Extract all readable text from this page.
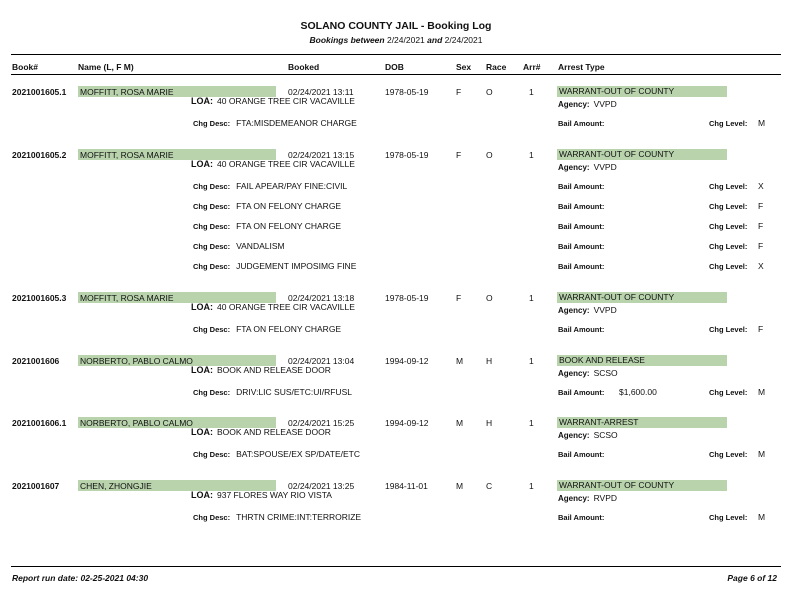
SOLANO COUNTY JAIL - Booking Log
Bookings between 2/24/2021 and 2/24/2021
Book#	Name (L, F M)	Booked	DOB	Sex Race Arr# Arrest Type
2021001605.1 MOFFITT, ROSA MARIE	02/24/2021 13:11	1978-05-19	F	O	1	WARRANT-OUT OF COUNTY
LOA: 40 ORANGE TREE CIR VACAVILLE	Agency: VVPD
Chg Desc: FTA:MISDEMEANOR CHARGE	Bail Amount:	Chg Level: M
2021001605.2 MOFFITT, ROSA MARIE	02/24/2021 13:15	1978-05-19	F	O	1	WARRANT-OUT OF COUNTY
LOA: 40 ORANGE TREE CIR VACAVILLE	Agency: VVPD
Chg Desc: FAIL APEAR/PAY FINE:CIVIL	Bail Amount:	Chg Level: X
Chg Desc: FTA ON FELONY CHARGE	Bail Amount:	Chg Level: F
Chg Desc: FTA ON FELONY CHARGE	Bail Amount:	Chg Level: F
Chg Desc: VANDALISM	Bail Amount:	Chg Level: F
Chg Desc: JUDGEMENT IMPOSIMG FINE	Bail Amount:	Chg Level: X
2021001605.3 MOFFITT, ROSA MARIE	02/24/2021 13:18	1978-05-19	F	O	1	WARRANT-OUT OF COUNTY
LOA: 40 ORANGE TREE CIR VACAVILLE	Agency: VVPD
Chg Desc: FTA ON FELONY CHARGE	Bail Amount:	Chg Level: F
2021001606 NORBERTO, PABLO CALMO	02/24/2021 13:04	1994-09-12	M	H	1	BOOK AND RELEASE
LOA: BOOK AND RELEASE DOOR	Agency: SCSO
Chg Desc: DRIV:LIC SUS/ETC:UI/RFUSL	Bail Amount: $1,600.00	Chg Level: M
2021001606.1 NORBERTO, PABLO CALMO	02/24/2021 15:25	1994-09-12	M	H	1	WARRANT-ARREST
LOA: BOOK AND RELEASE DOOR	Agency: SCSO
Chg Desc: BAT:SPOUSE/EX SP/DATE/ETC	Bail Amount:	Chg Level: M
2021001607 CHEN, ZHONGJIE	02/24/2021 13:25	1984-11-01	M	C	1	WARRANT-OUT OF COUNTY
LOA: 937 FLORES WAY RIO VISTA	Agency: RVPD
Chg Desc: THRTN CRIME:INT:TERRORIZE	Bail Amount:	Chg Level: M
Report run date: 02-25-2021 04:30	Page 6 of 12
